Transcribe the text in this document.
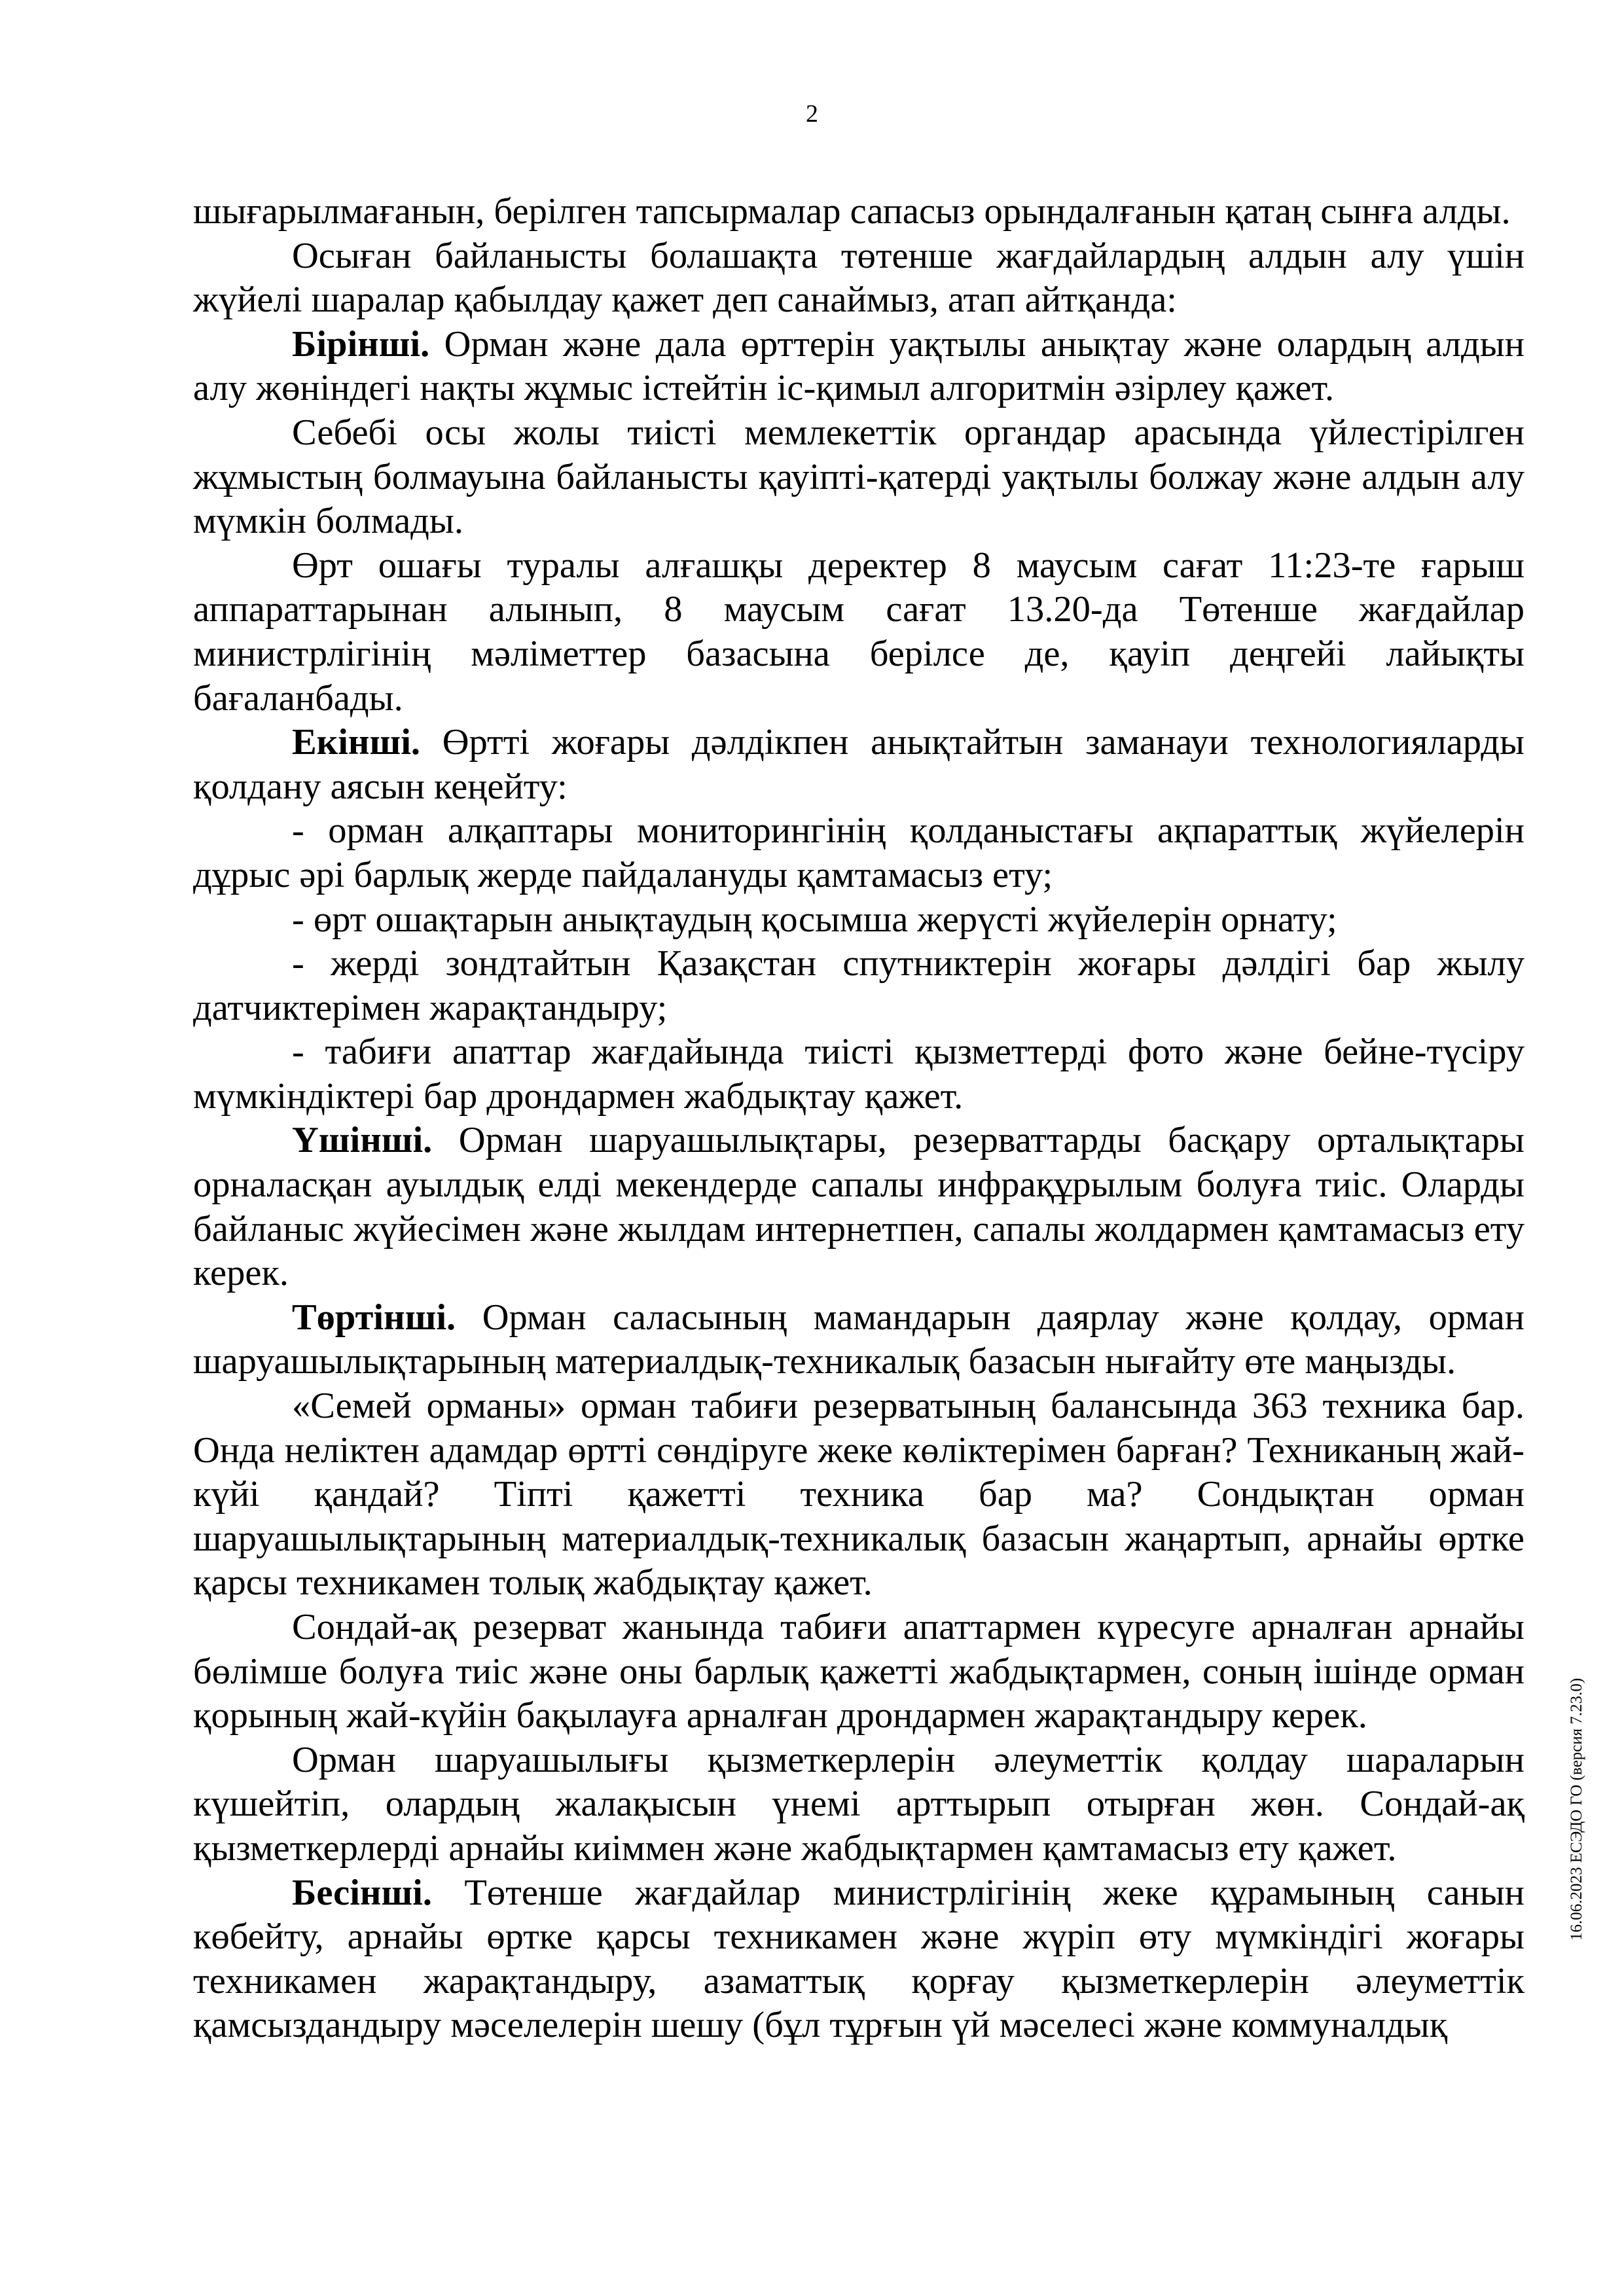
2

шығарылмағанын, берілген тапсырмалар сапасыз орындалғанын қатаң сынға алды.

Осыған байланысты болашақта төтенше жағдайлардың алдын алу үшін жүйелі шаралар қабылдау қажет деп санаймыз, атап айтқанда:

Бірінші. Орман және дала өрттерін уақтылы анықтау және олардың алдын алу жөніндегі нақты жұмыс істейтін іс-қимыл алгоритмін әзірлеу қажет.

Себебі осы жолы тиісті мемлекеттік органдар арасында үйлестірілген жұмыстың болмауына байланысты қауіпті-қатерді уақтылы болжау және алдын алу мүмкін болмады.

Өрт ошағы туралы алғашқы деректер 8 маусым сағат 11:23-те ғарыш аппараттарынан алынып, 8 маусым сағат 13.20-да Төтенше жағдайлар министрлігінің мәліметтер базасына берілсе де, қауіп деңгейі лайықты бағаланбады.

Екінші. Өртті жоғары дәлдікпен анықтайтын заманауи технологияларды қолдану аясын кеңейту:

- орман алқаптары мониторингінің қолданыстағы ақпараттық жүйелерін дұрыс әрі барлық жерде пайдалануды қамтамасыз ету;

- өрт ошақтарын анықтаудың қосымша жерүсті жүйелерін орнату;

- жерді зондтайтын Қазақстан спутниктерін жоғары дәлдігі бар жылу датчиктерімен жарақтандыру;

- табиғи апаттар жағдайында тиісті қызметтерді фото және бейне-түсіру мүмкіндіктері бар дрондармен жабдықтау қажет.

Үшінші. Орман шаруашылықтары, резерваттарды басқару орталықтары орналасқан ауылдық елді мекендерде сапалы инфрақұрылым болуға тиіс. Оларды байланыс жүйесімен және жылдам интернетпен, сапалы жолдармен қамтамасыз ету керек.

Төртінші. Орман саласының мамандарын даярлау және қолдау, орман шаруашылықтарының материалдық-техникалық базасын нығайту өте маңызды.

«Семей орманы» орман табиғи резерватының балансында 363 техника бар. Онда неліктен адамдар өртті сөндіруге жеке көліктерімен барған? Техниканың жай-күйі қандай? Тіпті қажетті техника бар ма? Сондықтан орман шаруашылықтарының материалдық-техникалық базасын жаңартып, арнайы өртке қарсы техникамен толық жабдықтау қажет.

Сондай-ақ резерват жанында табиғи апаттармен күресуге арналған арнайы бөлімше болуға тиіс және оны барлық қажетті жабдықтармен, соның ішінде орман қорының жай-күйін бақылауға арналған дрондармен жарақтандыру керек.

Орман шаруашылығы қызметкерлерін әлеуметтік қолдау шараларын күшейтіп, олардың жалақысын үнемі арттырып отырған жөн. Сондай-ақ қызметкерлерді арнайы киіммен және жабдықтармен қамтамасыз ету қажет.

Бесінші. Төтенше жағдайлар министрлігінің жеке құрамының санын көбейту, арнайы өртке қарсы техникамен және жүріп өту мүмкіндігі жоғары техникамен жарақтандыру, азаматтық қорғау қызметкерлерін әлеуметтік қамсыздандыру мәселелерін шешу (бұл тұрғын үй мәселесі және коммуналдық

16.06.2023 ЕСЭДО ГО (версия 7.23.0)
